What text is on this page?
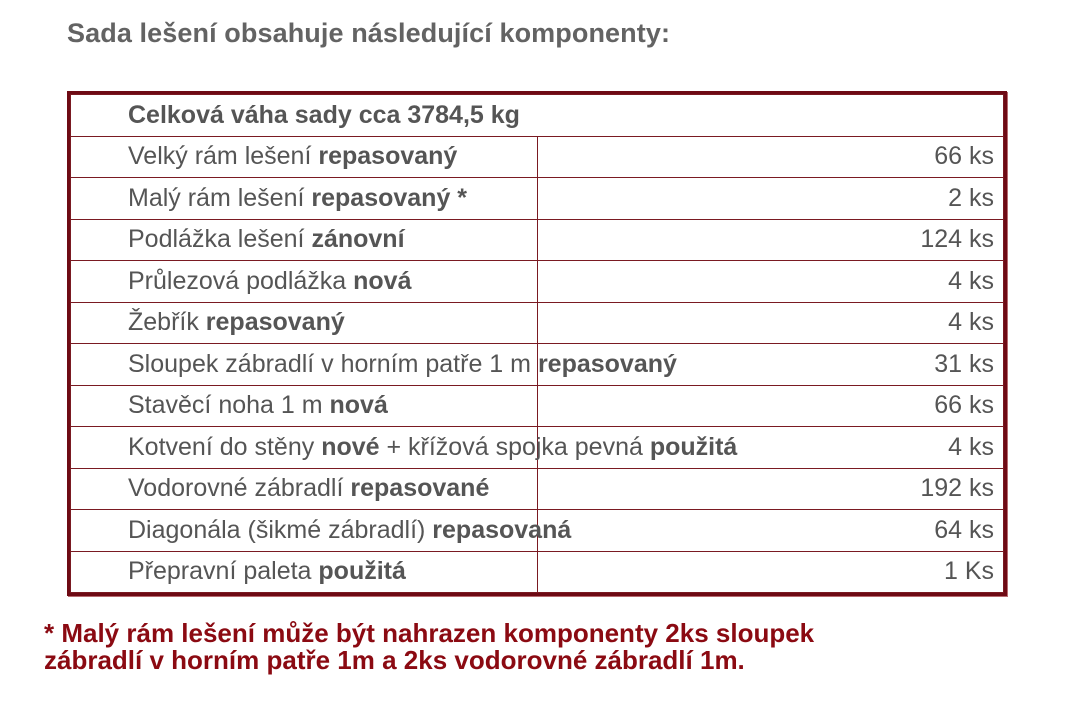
Sada lešení obsahuje následující komponenty:
Celková váha sady cca 3784,5 kg	
Velký rám lešení repasovaný	66 ks
Malý rám lešení repasovaný *	2 ks
Podlážka lešení zánovní	124 ks
Průlezová podlážka nová	4 ks
Žebřík repasovaný	4 ks
Sloupek zábradlí v horním patře 1 m repasovaný	31 ks
Stavěcí noha 1 m nová	66 ks
Kotvení do stěny nové + křížová spojka pevná použitá	4 ks
Vodorovné zábradlí repasované	192 ks
Diagonála (šikmé zábradlí) repasovaná	64 ks
Přepravní paleta použitá	1 Ks
* Malý rám lešení může být nahrazen komponenty 2ks sloupek
zábradlí v horním patře 1m a 2ks vodorovné zábradlí 1m.
